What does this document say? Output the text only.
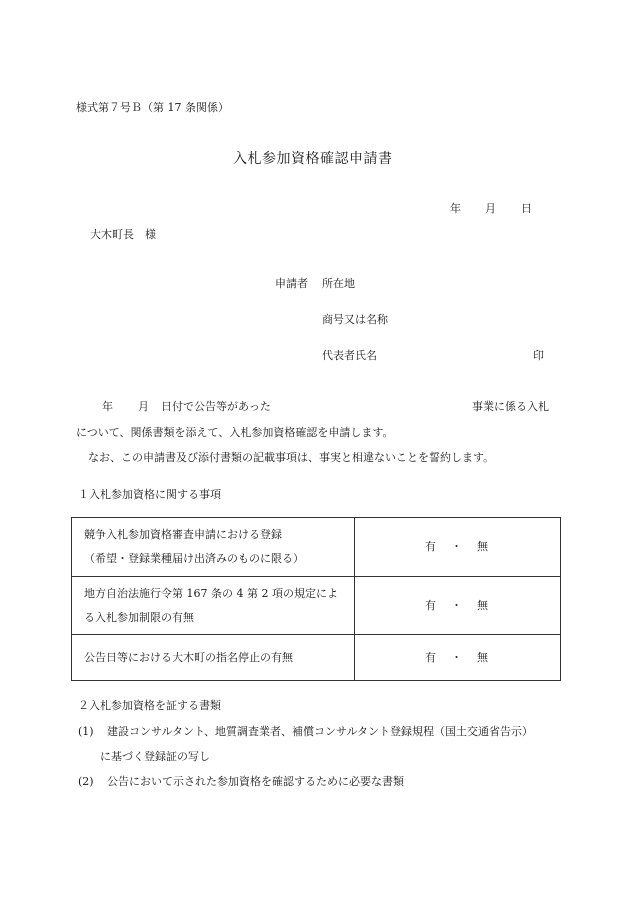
様式第７号Ｂ（第 17 条関係）
入札参加資格確認申請書
年 月 日
大木町長　様
申請者 所在地
商号又は名称
代表者氏名	印
年 月 日付で公告等があった	事業に係る入札
について、関係書類を添えて、入札参加資格確認を申請します。
なお、この申請書及び添付書類の記載事項は、事実と相違ないことを誓約します。
１入札参加資格に関する事項
競争入札参加資格審査申請における登録
（希望・登録業種届け出済みのものに限る）	有　・　無

地方自治法施行令第 167 条の 4 第 2 項の規定によ
る入札参加制限の有無	有　・　無

公告日等における大木町の指名停止の有無	有　・　無
２入札参加資格を証する書類
(1) 建設コンサルタント、地質調査業者、補償コンサルタント登録規程（国土交通省告示）
に基づく登録証の写し
(2) 公告において示された参加資格を確認するために必要な書類
